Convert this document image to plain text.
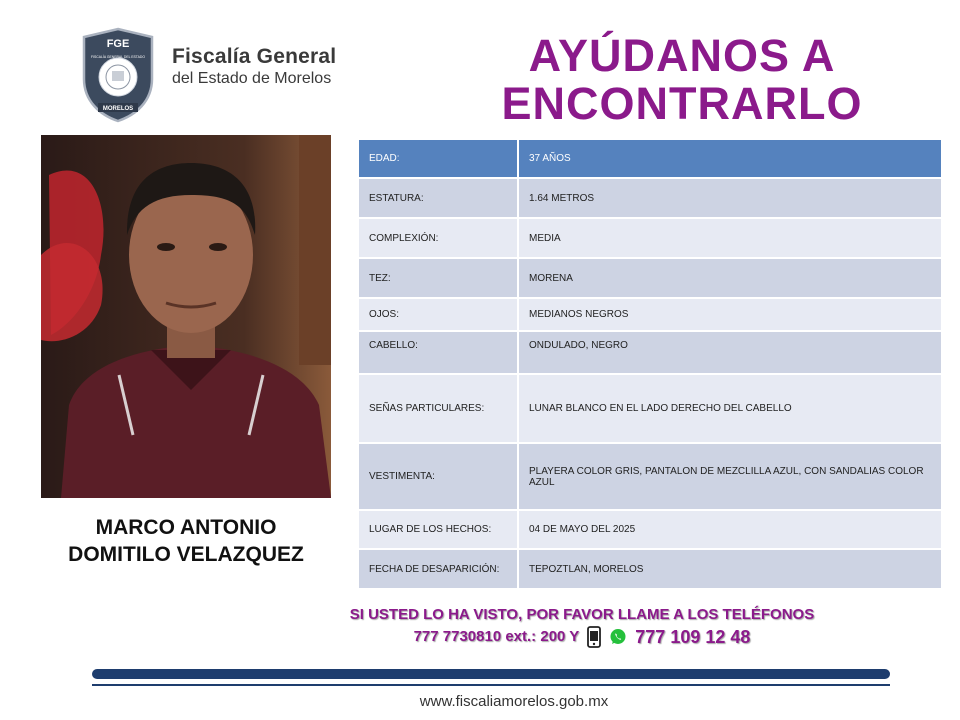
FGE
FISCALÍA GENERAL DEL ESTADO
MORELOS
Fiscalía General
del Estado de Morelos	AYÚDANOS A
ENCONTRARLO
MARCO ANTONIO
DOMITILO VELAZQUEZ
EDAD:	37 AÑOS
ESTATURA:	1.64 METROS
COMPLEXIÓN:	MEDIA
TEZ:	MORENA
OJOS:	MEDIANOS NEGROS
CABELLO:	ONDULADO, NEGRO
SEÑAS PARTICULARES:	LUNAR BLANCO EN EL LADO DERECHO DEL CABELLO
VESTIMENTA:	PLAYERA COLOR GRIS, PANTALON DE MEZCLILLA AZUL, CON SANDALIAS COLOR AZUL
LUGAR DE LOS HECHOS:	04 DE MAYO DEL 2025
FECHA DE DESAPARICIÓN:	TEPOZTLAN, MORELOS
SI USTED LO HA VISTO, POR FAVOR LLAME A LOS TELÉFONOS
777 7730810 ext.: 200 Y	777 109 12 48
www.fiscaliamorelos.gob.mx
